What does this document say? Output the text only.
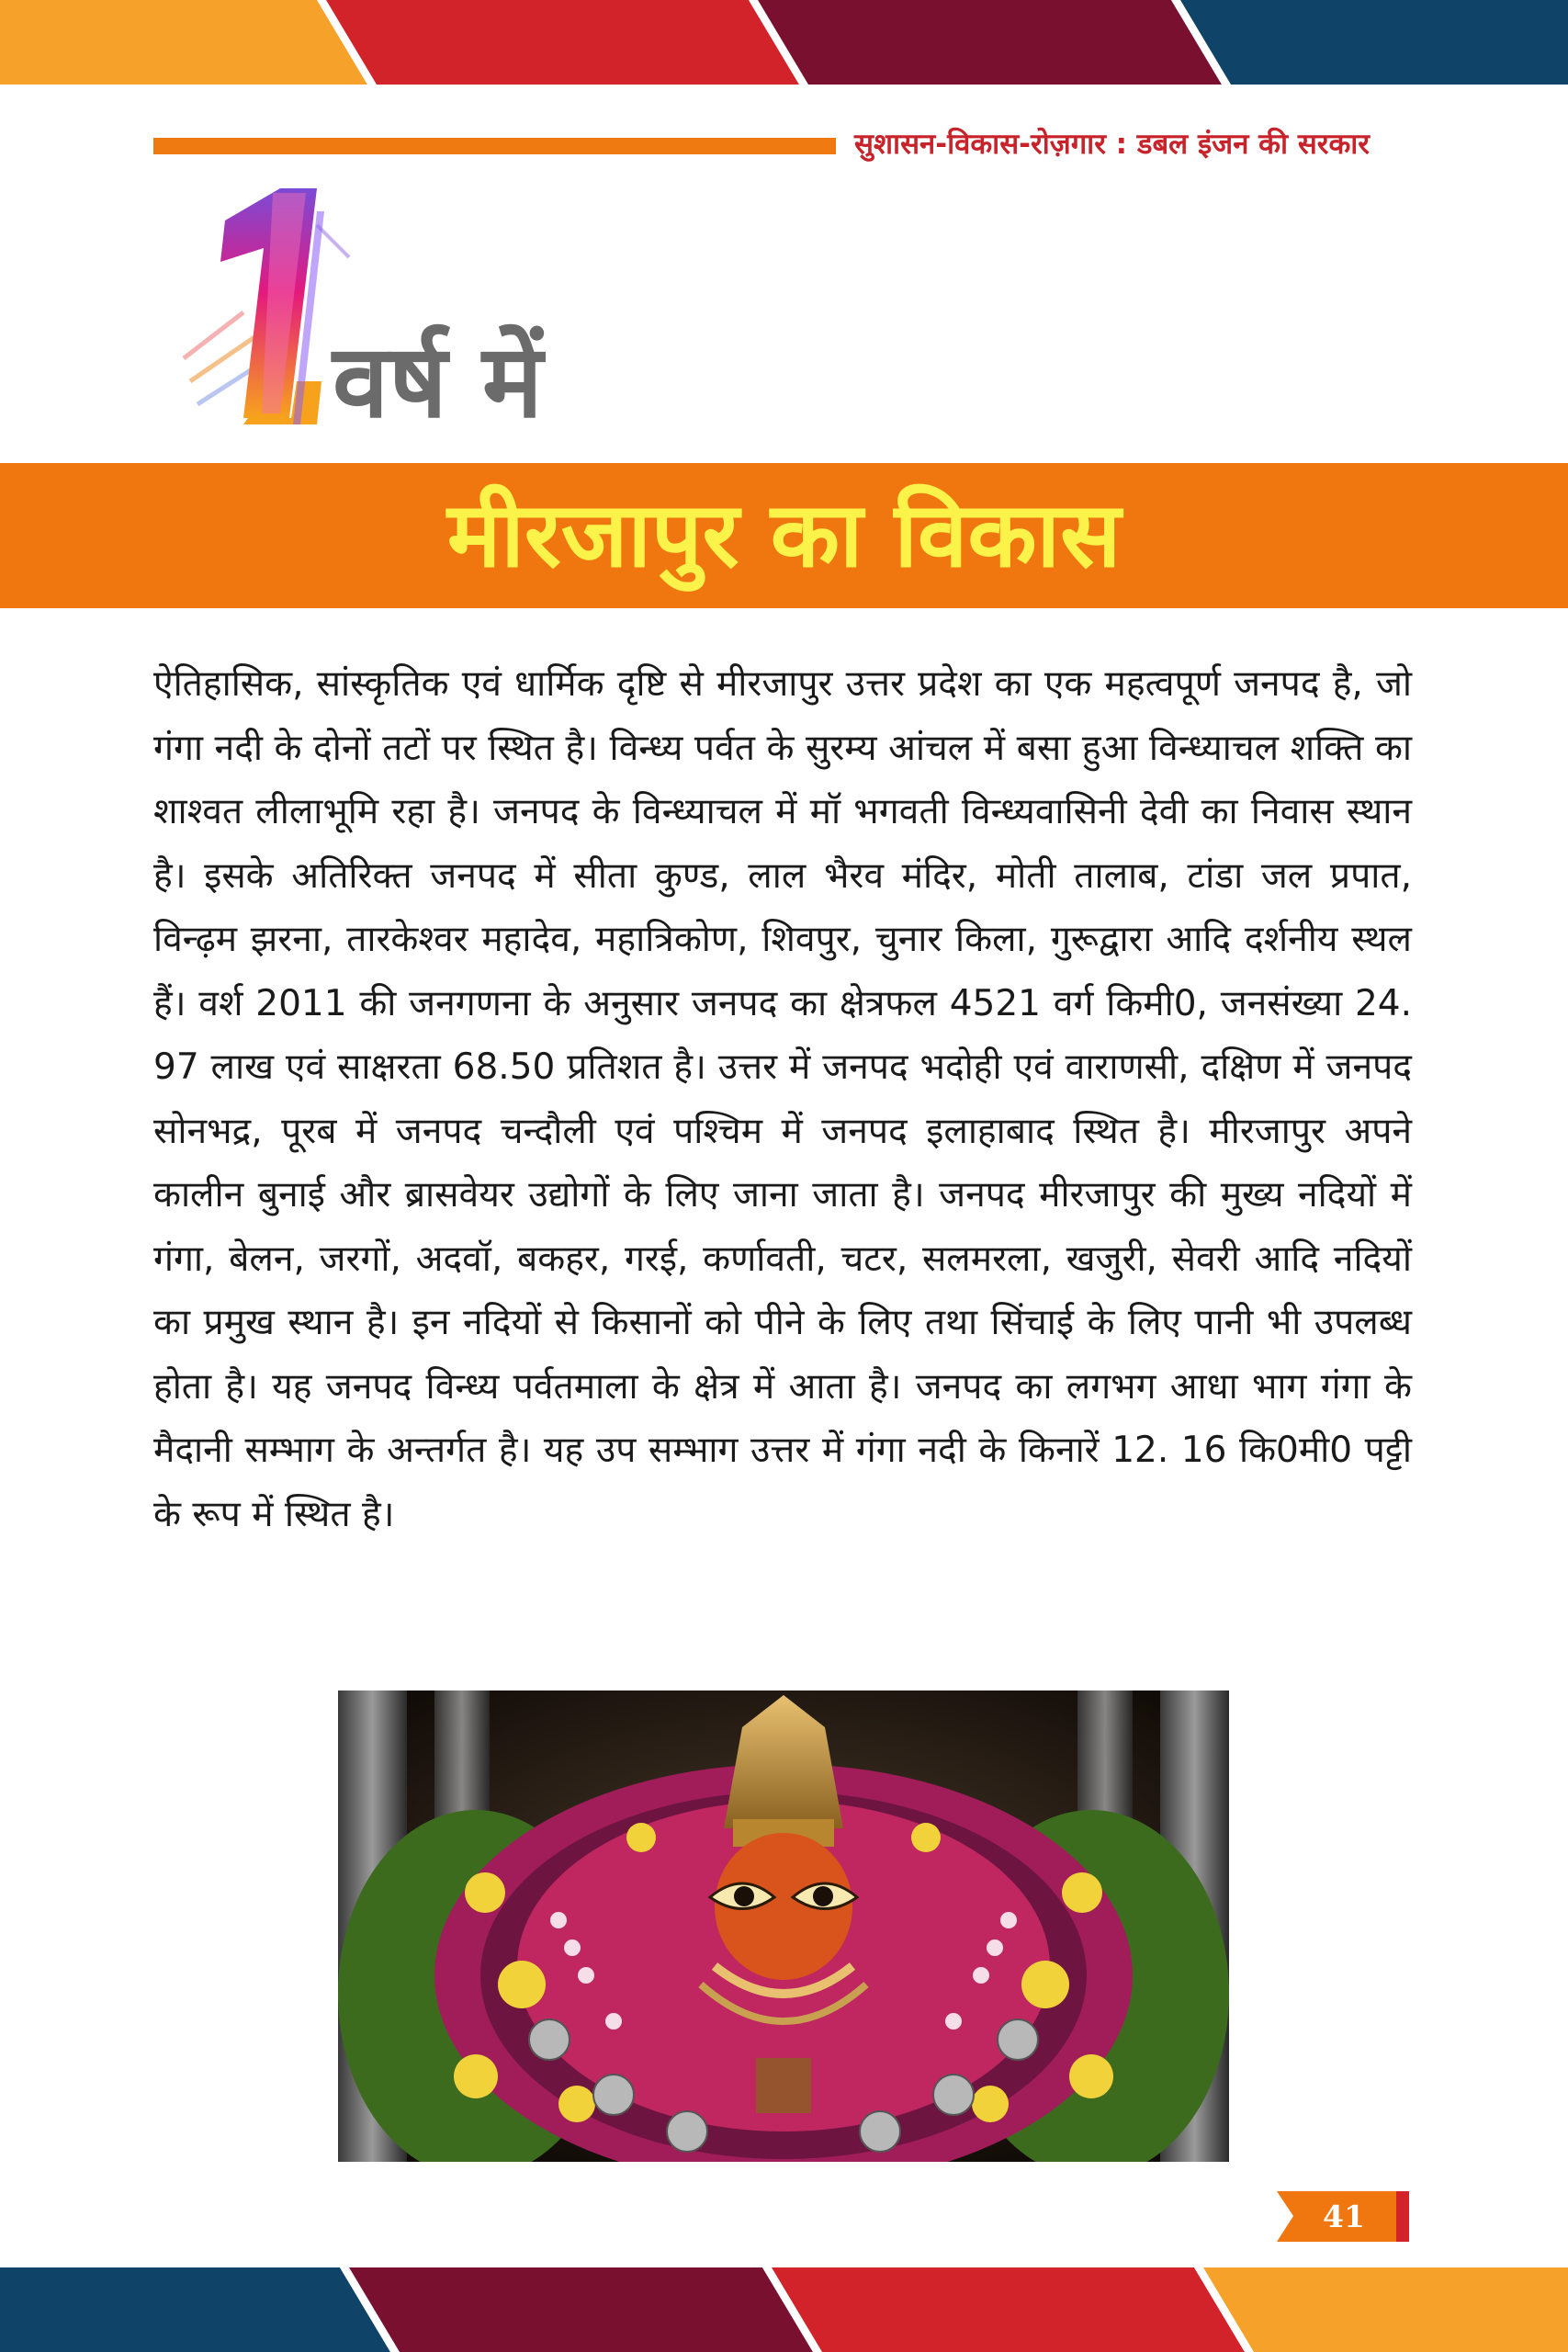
सुशासन-विकास-रोज़गार : डबल इंजन की सरकार
वर्ष में
मीरजापुर का विकास

ऐतिहासिक, सांस्कृतिक एवं धार्मिक दृष्टि से मीरजापुर उत्तर प्रदेश का एक महत्वपूर्ण जनपद है, जो गंगा नदी के दोनों तटों पर स्थित है। विन्ध्य पर्वत के सुरम्य आंचल में बसा हुआ विन्ध्याचल शक्ति का शाश्वत लीलाभूमि रहा है। जनपद के विन्ध्याचल में मॉ भगवती विन्ध्यवासिनी देवी का निवास स्थान है। इसके अतिरिक्त जनपद में सीता कुण्ड, लाल भैरव मंदिर, मोती तालाब, टांडा जल प्रपात, विन्ढ़म झरना, तारकेश्वर महादेव, महात्रिकोण, शिवपुर, चुनार किला, गुरूद्वारा आदि दर्शनीय स्थल हैं। वर्श 2011 की जनगणना के अनुसार जनपद का क्षेत्रफल 4521 वर्ग किमी0, जनसंख्या 24. 97 लाख एवं साक्षरता 68.50 प्रतिशत है। उत्तर में जनपद भदोही एवं वाराणसी, दक्षिण में जनपद सोनभद्र, पूरब में जनपद चन्दौली एवं पश्चिम में जनपद इलाहाबाद स्थित है। मीरजापुर अपने कालीन बुनाई और ब्रासवेयर उद्योगों के लिए जाना जाता है। जनपद मीरजापुर की मुख्य नदियों में गंगा, बेलन, जरगों, अदवॉ, बकहर, गरई, कर्णावती, चटर, सलमरला, खजुरी, सेवरी आदि नदियों का प्रमुख स्थान है। इन नदियों से किसानों को पीने के लिए तथा सिंचाई के लिए पानी भी उपलब्ध होता है। यह जनपद विन्ध्य पर्वतमाला के क्षेत्र में आता है। जनपद का लगभग आधा भाग गंगा के मैदानी सम्भाग के अन्तर्गत है। यह उप सम्भाग उत्तर में गंगा नदी के किनारें 12. 16 कि0मी0 पट्टी के रूप में स्थित है।

41
